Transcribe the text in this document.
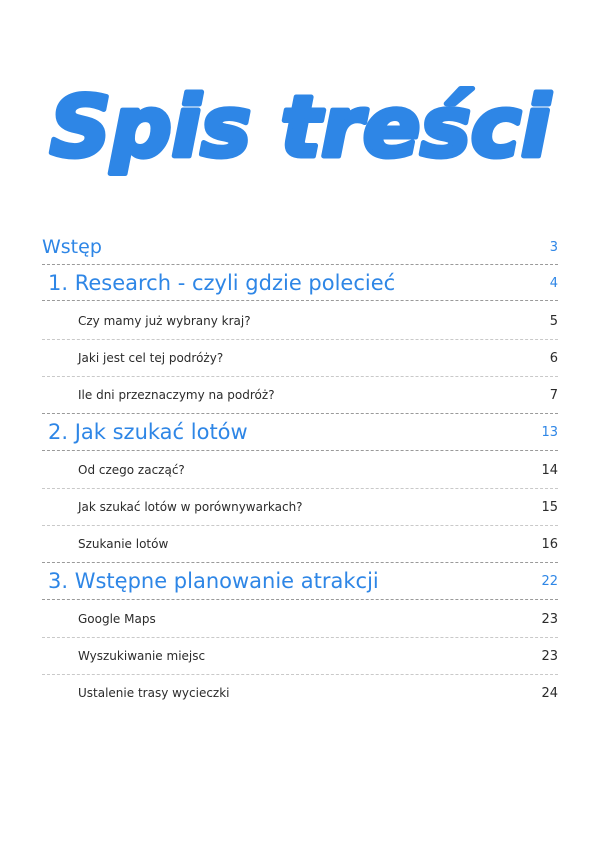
Spis treści
Wstęp	3
1. Research - czyli gdzie polecieć	4
Czy mamy już wybrany kraj?	5
Jaki jest cel tej podróży?	6
Ile dni przeznaczymy na podróż?	7
2. Jak szukać lotów	13
Od czego zacząć?	14
Jak szukać lotów w porównywarkach?	15
Szukanie lotów	16
3. Wstępne planowanie atrakcji	22
Google Maps	23
Wyszukiwanie miejsc	23
Ustalenie trasy wycieczki	24
